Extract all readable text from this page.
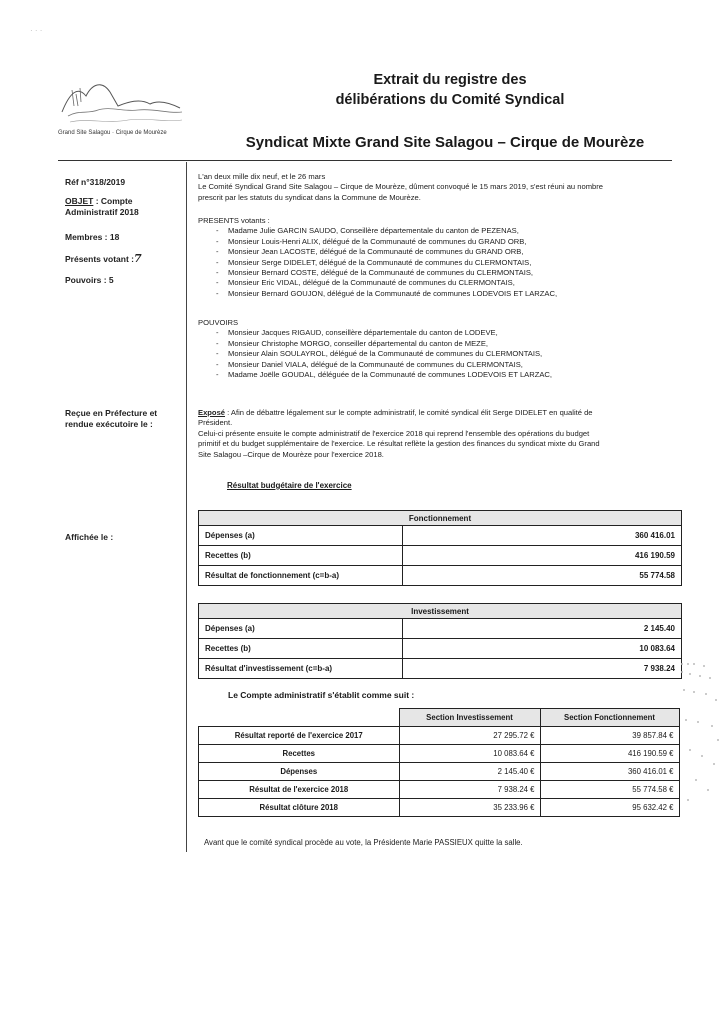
· · ·
Grand Site Salagou · Cirque de Mourèze
Extrait du registre des
délibérations du Comité Syndical
Syndicat Mixte Grand Site Salagou – Cirque de Mourèze
Réf n°318/2019
OBJET : Compte
Administratif 2018
Membres : 18
Présents votant :7
Pouvoirs : 5
Reçue en Préfecture et
rendue exécutoire le :
Affichée le :
L'an deux mille dix neuf, et le 26 mars
Le Comité Syndical Grand Site Salagou – Cirque de Mourèze, dûment convoqué le 15 mars 2019, s'est réuni au nombre
prescrit par les statuts du syndicat dans la Commune de Mourèze.
PRESENTS votants :
- Madame Julie GARCIN SAUDO, Conseillère départementale du canton de PEZENAS,
- Monsieur Louis-Henri ALIX, délégué de la Communauté de communes du GRAND ORB,
- Monsieur Jean LACOSTE, délégué de la Communauté de communes du GRAND ORB,
- Monsieur Serge DIDELET, délégué de la Communauté de communes du CLERMONTAIS,
- Monsieur Bernard COSTE, délégué de la Communauté de communes du CLERMONTAIS,
- Monsieur Eric VIDAL, délégué de la Communauté de communes du CLERMONTAIS,
- Monsieur Bernard GOUJON, délégué de la Communauté de communes LODEVOIS ET LARZAC,
POUVOIRS
- Monsieur Jacques RIGAUD, conseillère départementale du canton de LODEVE,
- Monsieur Christophe MORGO, conseiller départemental du canton de MEZE,
- Monsieur Alain SOULAYROL, délégué de la Communauté de communes du CLERMONTAIS,
- Monsieur Daniel VIALA, délégué de la Communauté de communes du CLERMONTAIS,
- Madame Joëlle GOUDAL, déléguée de la Communauté de communes LODEVOIS ET LARZAC,
Exposé : Afin de débattre légalement sur le compte administratif, le comité syndical élit Serge DIDELET en qualité de
Président.
Celui-ci présente ensuite le compte administratif de l'exercice 2018 qui reprend l'ensemble des opérations du budget
primitif et du budget supplémentaire de l'exercice. Le résultat reflète la gestion des finances du syndicat mixte du Grand
Site Salagou –Cirque de Mourèze pour l'exercice 2018.
Résultat budgétaire de l'exercice
Fonctionnement	
Dépenses (a)	360 416.01
Recettes (b)	416 190.59
Résultat de fonctionnement (c=b-a)	55 774.58
Investissement	
Dépenses (a)	2 145.40
Recettes (b)	10 083.64
Résultat d'investissement (c=b-a)	7 938.24
Le Compte administratif s'établit comme suit :
	Section Investissement	Section Fonctionnement
Résultat reporté de l'exercice 2017	27 295.72 €	39 857.84 €
Recettes	10 083.64 €	416 190.59 €
Dépenses	2 145.40 €	360 416.01 €
Résultat de l'exercice 2018	7 938.24 €	55 774.58 €
Résultat clôture 2018	35 233.96 €	95 632.42 €
Avant que le comité syndical procède au vote, la Présidente Marie PASSIEUX quitte la salle.
